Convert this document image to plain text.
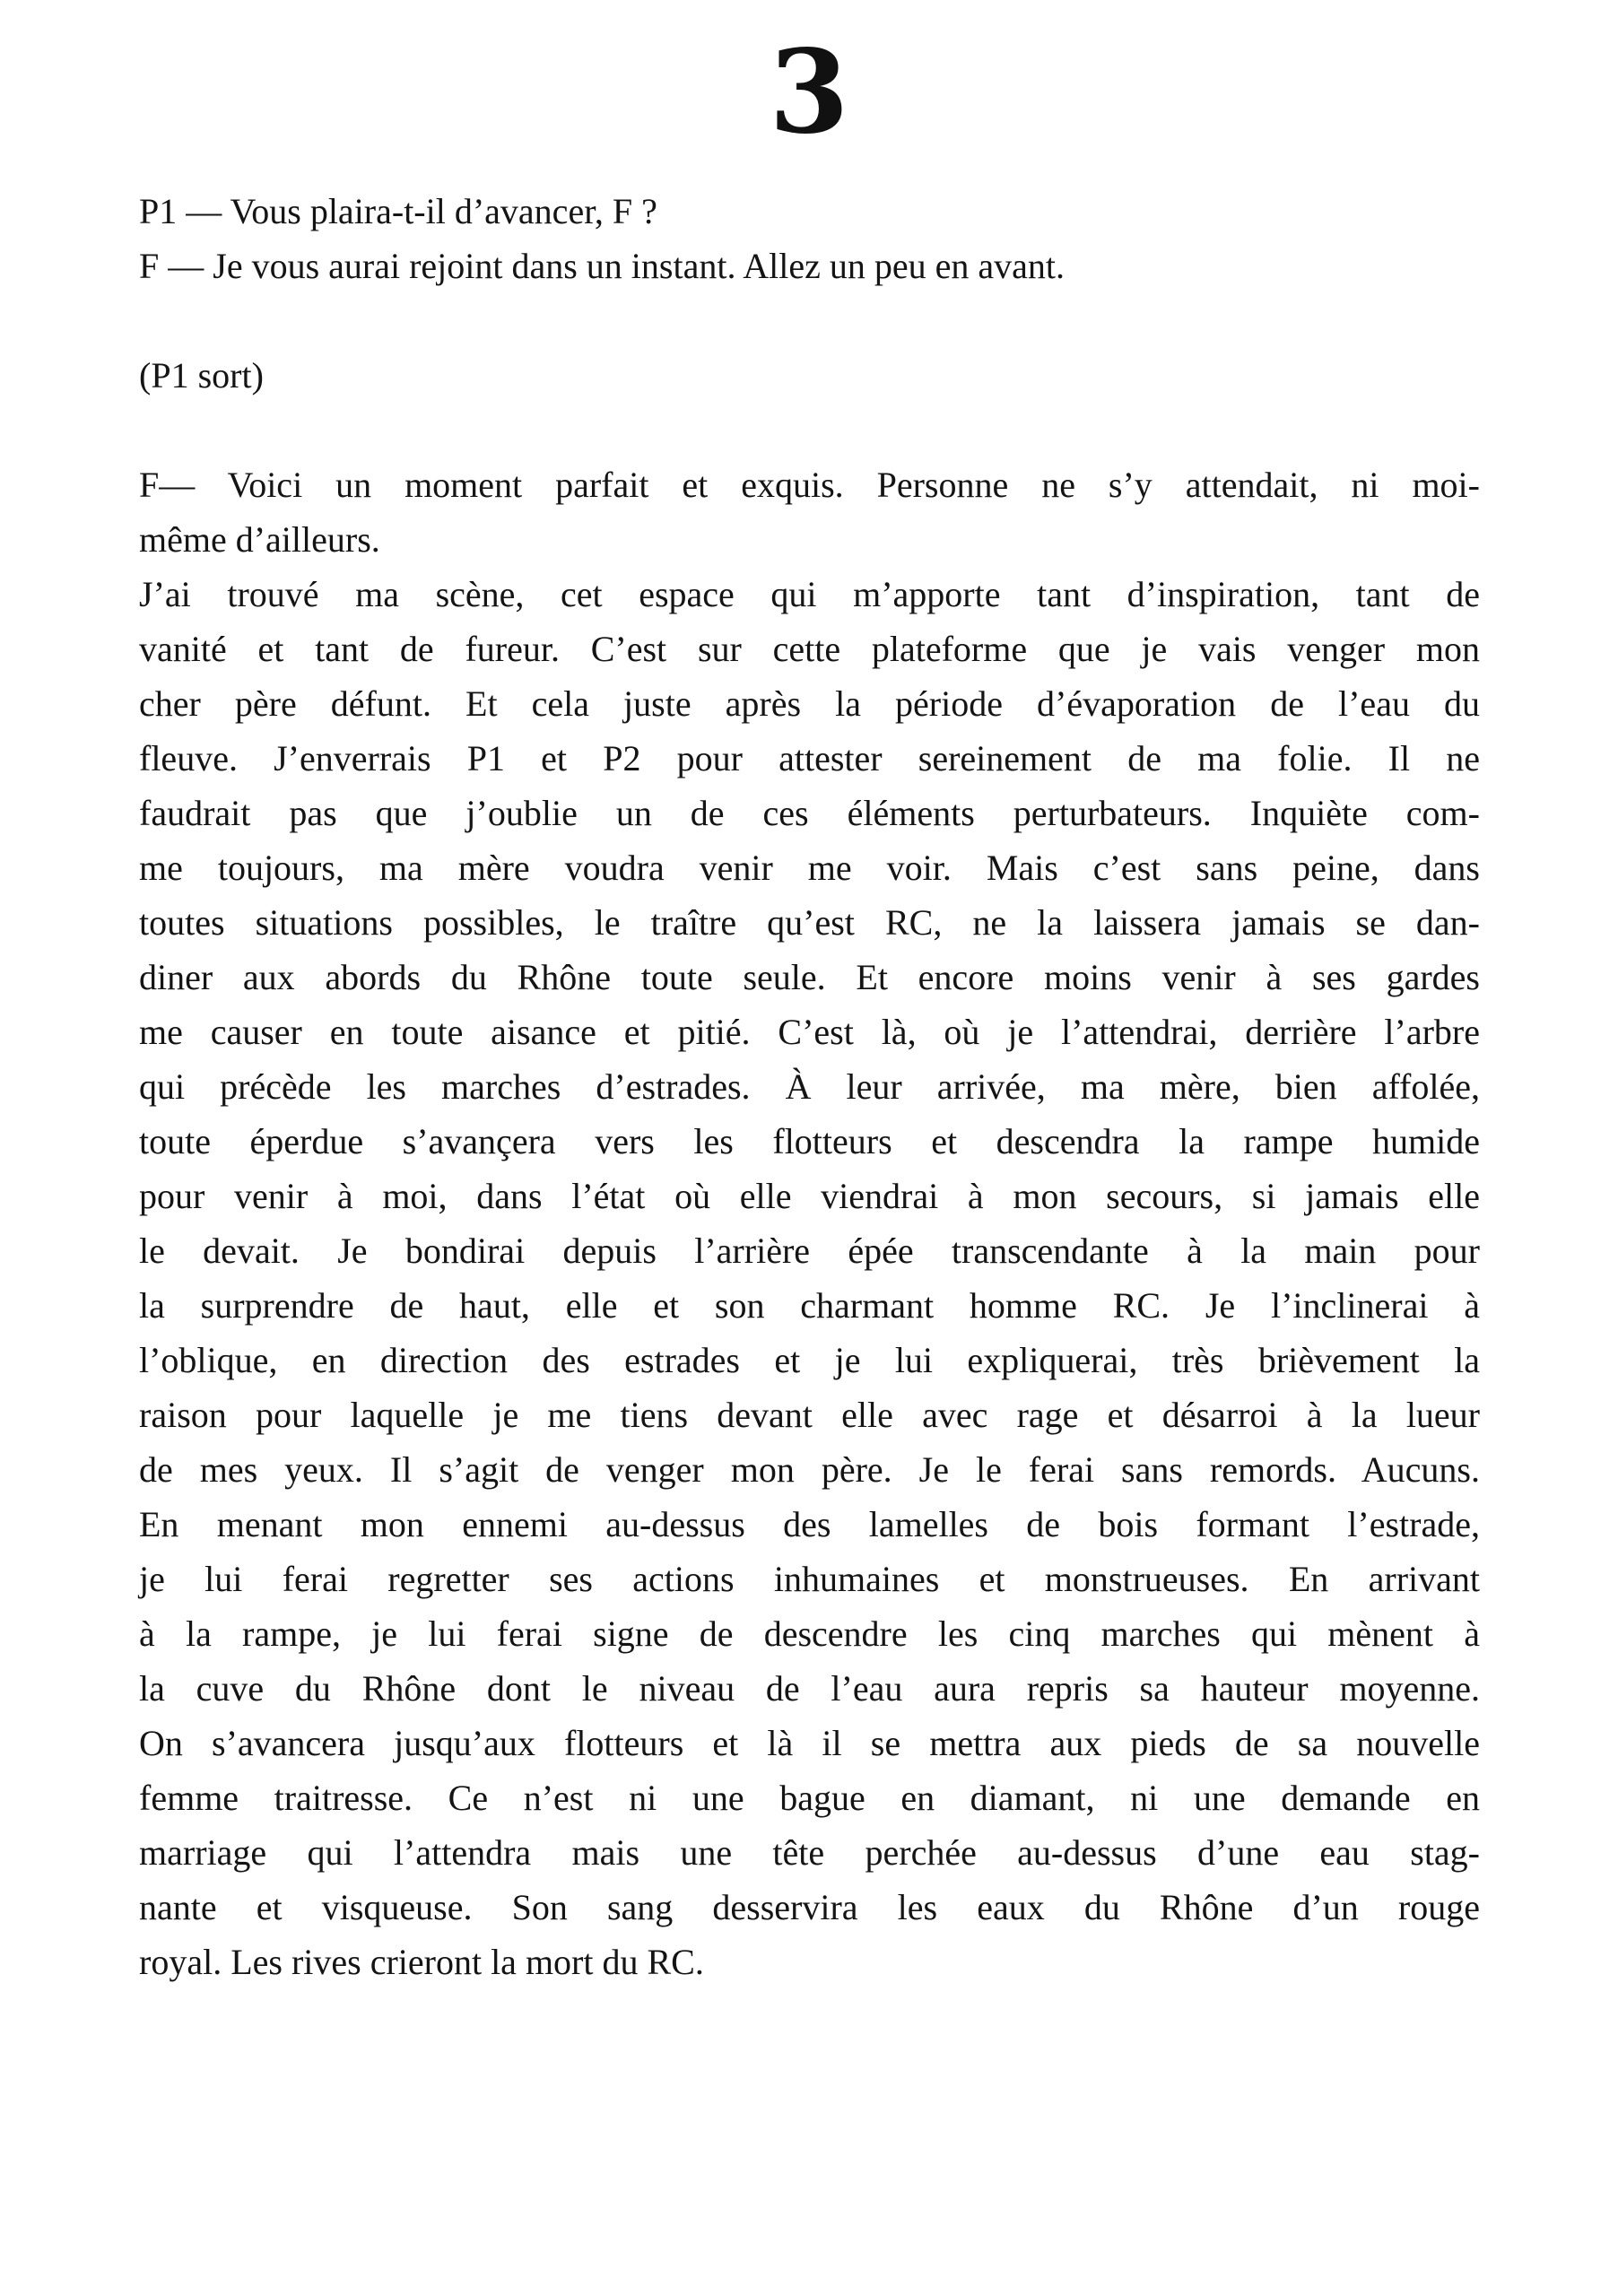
3
P1 — Vous plaira-t-il d’avancer, F ?
F — Je vous aurai rejoint dans un instant. Allez un peu en avant.
(P1 sort)
F— Voici un moment parfait et exquis. Personne ne s’y attendait, ni moi-
même d’ailleurs.
J’ai trouvé ma scène, cet espace qui m’apporte tant d’inspiration, tant de
vanité et tant de fureur. C’est sur cette plateforme que je vais venger mon
cher père défunt. Et cela juste après la période d’évaporation de l’eau du
fleuve. J’enverrais P1 et P2 pour attester sereinement de ma folie. Il ne
faudrait pas que j’oublie un de ces éléments perturbateurs. Inquiète com-
me toujours, ma mère voudra venir me voir. Mais c’est sans peine, dans
toutes situations possibles, le traître qu’est RC, ne la laissera jamais se dan-
diner aux abords du Rhône toute seule. Et encore moins venir à ses gardes
me causer en toute aisance et pitié. C’est là, où je l’attendrai, derrière l’arbre
qui précède les marches d’estrades. À leur arrivée, ma mère, bien affolée,
toute éperdue s’avançera vers les flotteurs et descendra la rampe humide
pour venir à moi, dans l’état où elle viendrai à mon secours, si jamais elle
le devait. Je bondirai depuis l’arrière épée transcendante à la main pour
la surprendre de haut, elle et son charmant homme RC. Je l’inclinerai à
l’oblique, en direction des estrades et je lui expliquerai, très brièvement la
raison pour laquelle je me tiens devant elle avec rage et désarroi à la lueur
de mes yeux. Il s’agit de venger mon père. Je le ferai sans remords. Aucuns.
En menant mon ennemi au-dessus des lamelles de bois formant l’estrade,
je lui ferai regretter ses actions inhumaines et monstrueuses. En arrivant
à la rampe, je lui ferai signe de descendre les cinq marches qui mènent à
la cuve du Rhône dont le niveau de l’eau aura repris sa hauteur moyenne.
On s’avancera jusqu’aux flotteurs et là il se mettra aux pieds de sa nouvelle
femme traitresse. Ce n’est ni une bague en diamant, ni une demande en
marriage qui l’attendra mais une tête perchée au-dessus d’une eau stag-
nante et visqueuse. Son sang desservira les eaux du Rhône d’un rouge
royal. Les rives crieront la mort du RC.
